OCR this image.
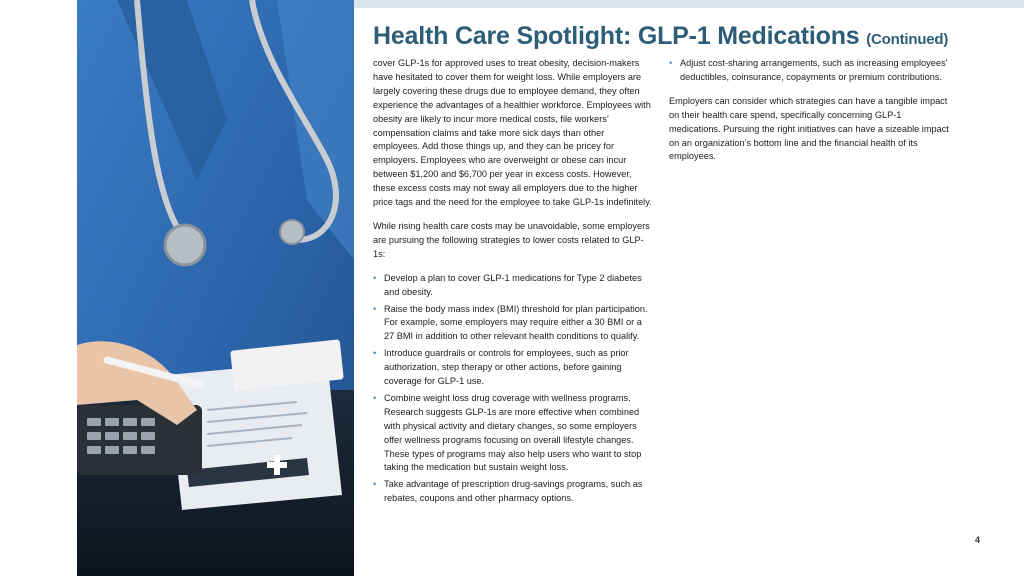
Health Care Spotlight: GLP-1 Medications (Continued)

cover GLP-1s for approved uses to treat obesity, decision-makers have hesitated to cover them for weight loss. While employers are largely covering these drugs due to employee demand, they often experience the advantages of a healthier workforce. Employees with obesity are likely to incur more medical costs, file workers’ compensation claims and take more sick days than other employees. Add those things up, and they can be pricey for employers. Employees who are overweight or obese can incur between $1,200 and $6,700 per year in excess costs. However, these excess costs may not sway all employers due to the higher price tags and the need for the employee to take GLP-1s indefinitely.

While rising health care costs may be unavoidable, some employers are pursuing the following strategies to lower costs related to GLP-1s:

• Develop a plan to cover GLP-1 medications for Type 2 diabetes and obesity.
• Raise the body mass index (BMI) threshold for plan participation. For example, some employers may require either a 30 BMI or a 27 BMI in addition to other relevant health conditions to qualify.
• Introduce guardrails or controls for employees, such as prior authorization, step therapy or other actions, before gaining coverage for GLP-1 use.
• Combine weight loss drug coverage with wellness programs. Research suggests GLP-1s are more effective when combined with physical activity and dietary changes, so some employers offer wellness programs focusing on overall lifestyle changes. These types of programs may also help users who want to stop taking the medication but sustain weight loss.
• Take advantage of prescription drug-savings programs, such as rebates, coupons and other pharmacy options.
• Adjust cost-sharing arrangements, such as increasing employees’ deductibles, coinsurance, copayments or premium contributions.

Employers can consider which strategies can have a tangible impact on their health care spend, specifically concerning GLP-1 medications. Pursuing the right initiatives can have a sizeable impact on an organization’s bottom line and the financial health of its employees.

4
